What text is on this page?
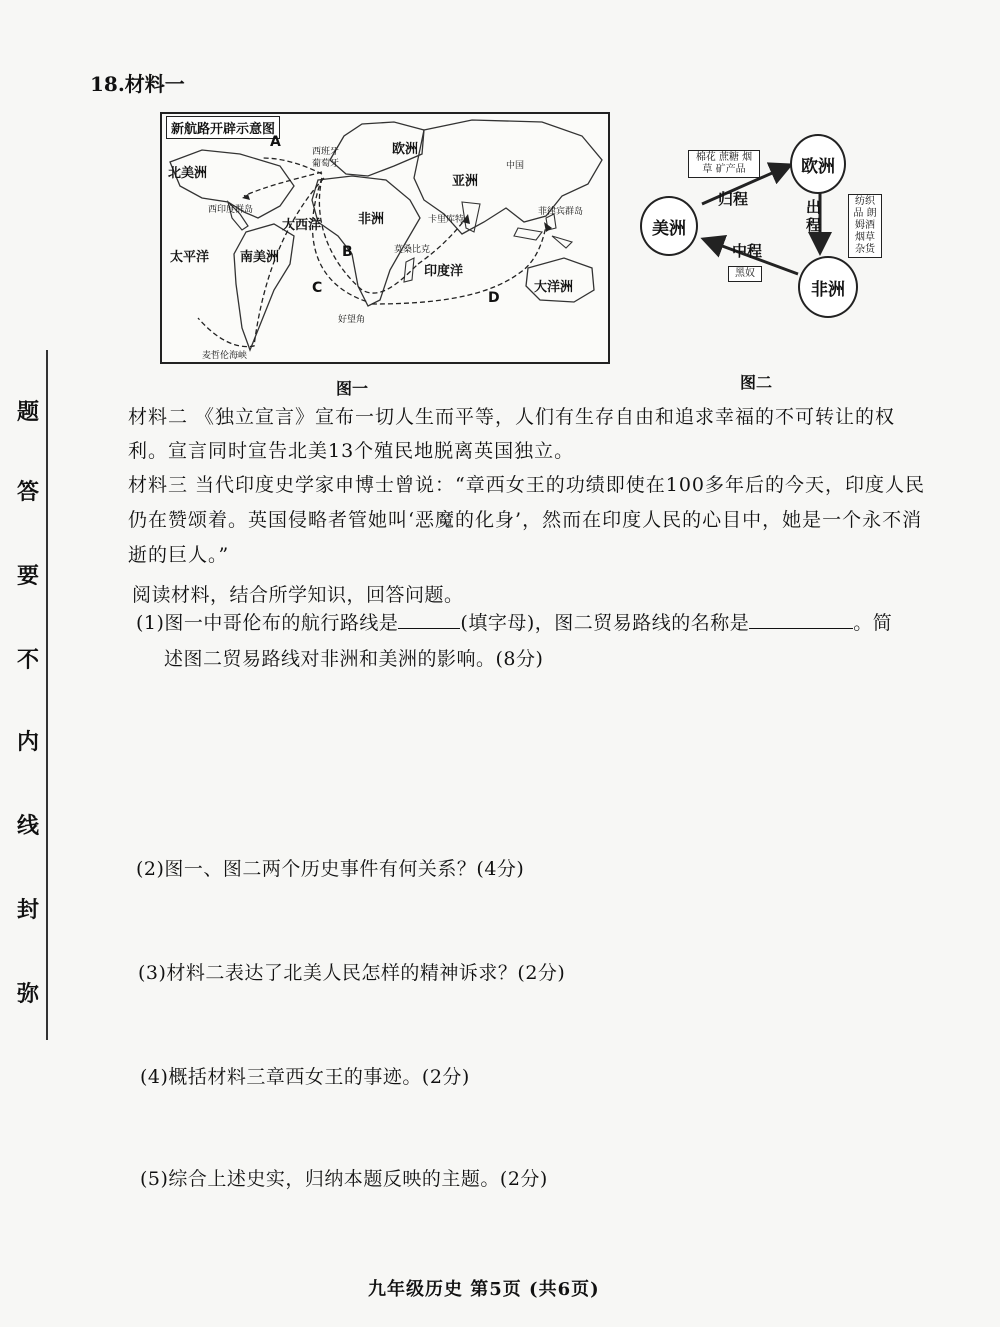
题
答
要
不
内
线
封
弥
18.材料一
新航路开辟示意图
北美洲
欧洲
亚洲
非洲
南美洲
大洋洲
大西洋
太平洋
印度洋
中国
A
B
C
D
西班牙
葡萄牙
西印度群岛
卡里库特
菲律宾群岛
莫桑比克
好望角
麦哲伦海峡
图一
欧洲
美洲
非洲
棉花 蔗糖 烟草 矿产品
纺织品 朗姆酒 烟草 杂货
黑奴
归程	出程
中程
图二
材料二 《独立宣言》宣布一切人生而平等，人们有生存自由和追求幸福的不可转让的权利。宣言同时宣告北美13个殖民地脱离英国独立。
材料三 当代印度史学家申博士曾说：“章西女王的功绩即使在100多年后的今天，印度人民仍在赞颂着。英国侵略者管她叫‘恶魔的化身’，然而在印度人民的心目中，她是一个永不消逝的巨人。”
阅读材料，结合所学知识，回答问题。
(1)图一中哥伦布的航行路线是	(填字母)，图二贸易路线的名称是	。简
述图二贸易路线对非洲和美洲的影响。(8分)
(2)图一、图二两个历史事件有何关系？(4分)
(3)材料二表达了北美人民怎样的精神诉求？(2分)
(4)概括材料三章西女王的事迹。(2分)
(5)综合上述史实，归纳本题反映的主题。(2分)
九年级历史 第5页 (共6页)
